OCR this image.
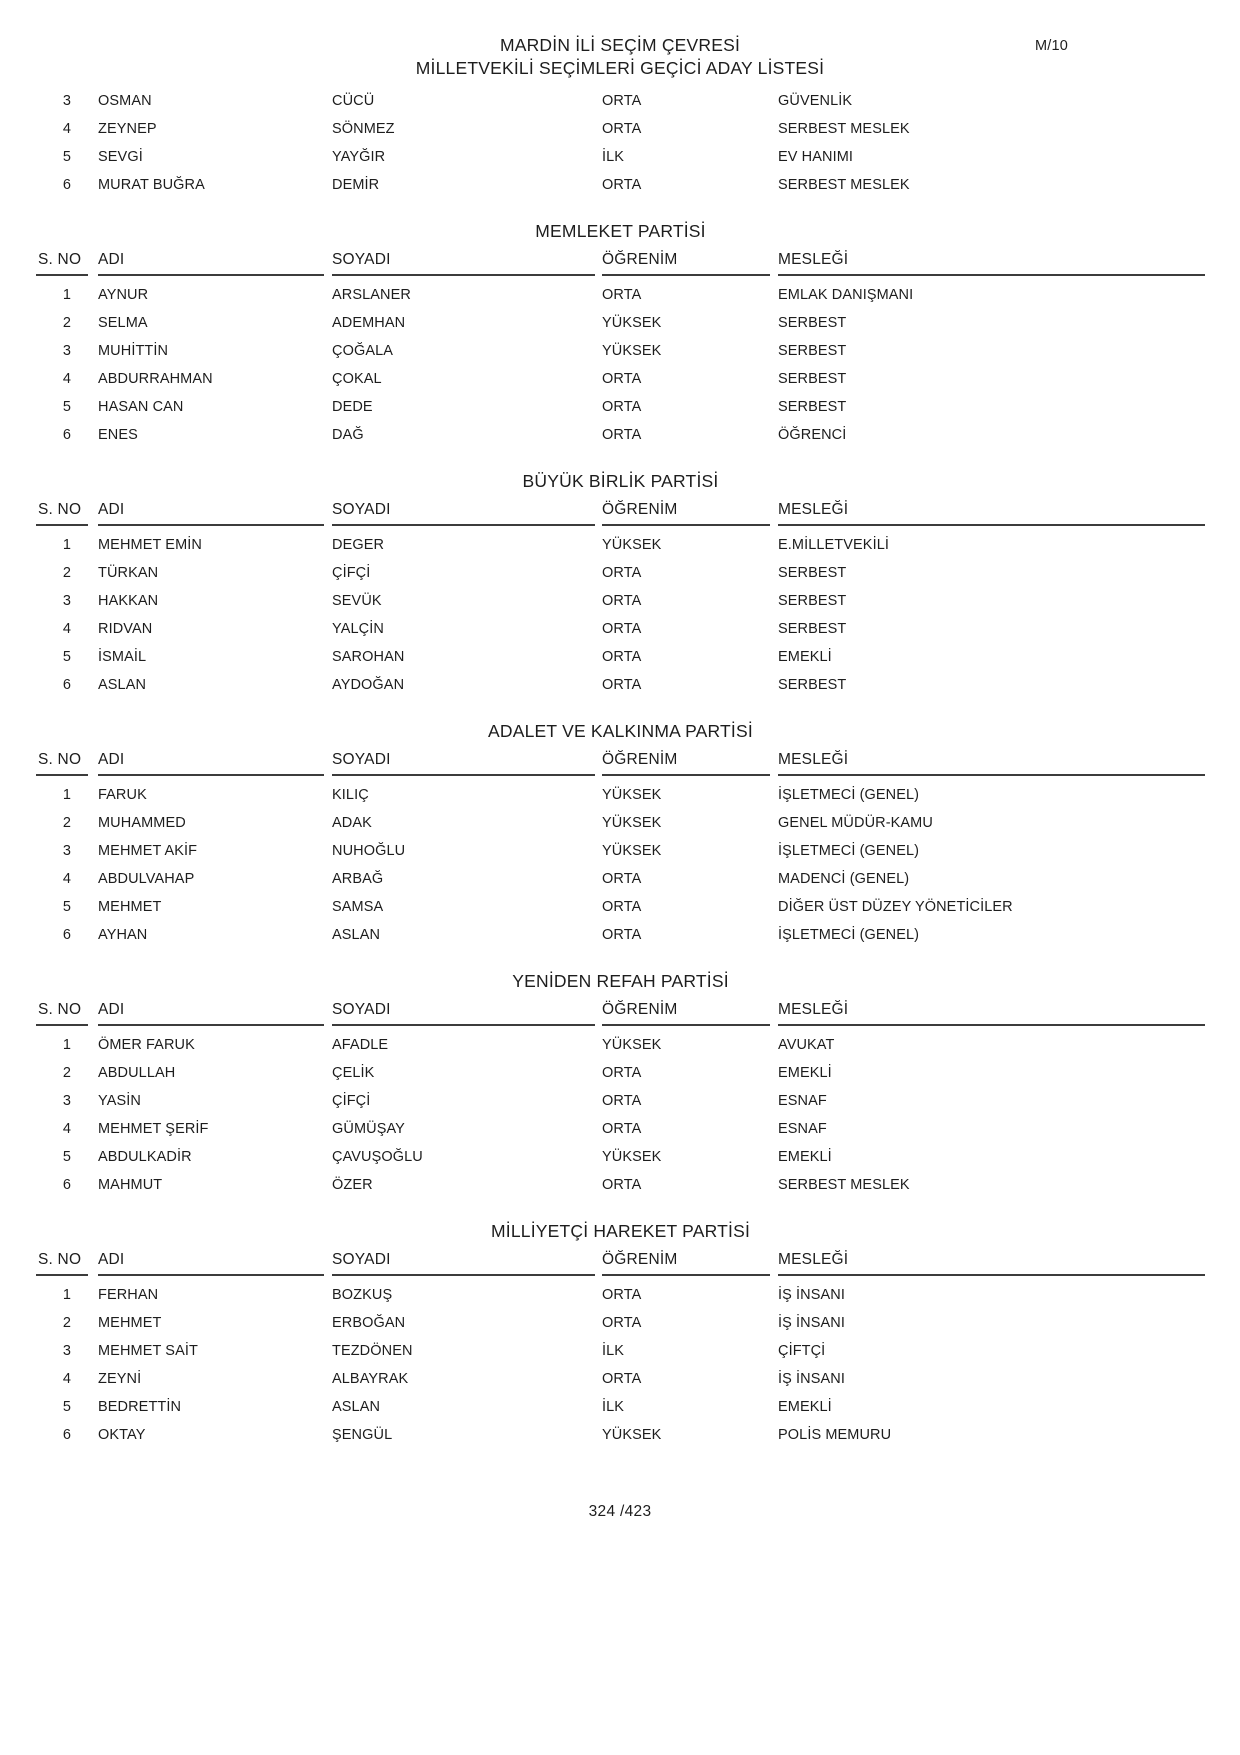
M/10
MARDİN İLİ SEÇİM ÇEVRESİ
MİLLETVEKİLİ SEÇİMLERİ GEÇİCİ ADAY LİSTESİ
3	OSMAN	CÜCÜ	ORTA	GÜVENLİK
4	ZEYNEP	SÖNMEZ	ORTA	SERBEST MESLEK
5	SEVGİ	YAYĞIR	İLK	EV HANIMI
6	MURAT BUĞRA	DEMİR	ORTA	SERBEST MESLEK
MEMLEKET PARTİSİ
S. NO	ADI	SOYADI	ÖĞRENİM	MESLEĞİ
1	AYNUR	ARSLANER	ORTA	EMLAK DANIŞMANI
2	SELMA	ADEMHAN	YÜKSEK	SERBEST
3	MUHİTTİN	ÇOĞALA	YÜKSEK	SERBEST
4	ABDURRAHMAN	ÇOKAL	ORTA	SERBEST
5	HASAN CAN	DEDE	ORTA	SERBEST
6	ENES	DAĞ	ORTA	ÖĞRENCİ
BÜYÜK BİRLİK PARTİSİ
S. NO	ADI	SOYADI	ÖĞRENİM	MESLEĞİ
1	MEHMET EMİN	DEGER	YÜKSEK	E.MİLLETVEKİLİ
2	TÜRKAN	ÇİFÇİ	ORTA	SERBEST
3	HAKKAN	SEVÜK	ORTA	SERBEST
4	RIDVAN	YALÇİN	ORTA	SERBEST
5	İSMAİL	SAROHAN	ORTA	EMEKLİ
6	ASLAN	AYDOĞAN	ORTA	SERBEST
ADALET VE KALKINMA PARTİSİ
S. NO	ADI	SOYADI	ÖĞRENİM	MESLEĞİ
1	FARUK	KILIÇ	YÜKSEK	İŞLETMECİ (GENEL)
2	MUHAMMED	ADAK	YÜKSEK	GENEL MÜDÜR-KAMU
3	MEHMET AKİF	NUHOĞLU	YÜKSEK	İŞLETMECİ (GENEL)
4	ABDULVAHAP	ARBAĞ	ORTA	MADENCİ (GENEL)
5	MEHMET	SAMSA	ORTA	DİĞER ÜST DÜZEY YÖNETİCİLER
6	AYHAN	ASLAN	ORTA	İŞLETMECİ (GENEL)
YENİDEN REFAH PARTİSİ
S. NO	ADI	SOYADI	ÖĞRENİM	MESLEĞİ
1	ÖMER FARUK	AFADLE	YÜKSEK	AVUKAT
2	ABDULLAH	ÇELİK	ORTA	EMEKLİ
3	YASİN	ÇİFÇİ	ORTA	ESNAF
4	MEHMET ŞERİF	GÜMÜŞAY	ORTA	ESNAF
5	ABDULKADİR	ÇAVUŞOĞLU	YÜKSEK	EMEKLİ
6	MAHMUT	ÖZER	ORTA	SERBEST MESLEK
MİLLİYETÇİ HAREKET PARTİSİ
S. NO	ADI	SOYADI	ÖĞRENİM	MESLEĞİ
1	FERHAN	BOZKUŞ	ORTA	İŞ İNSANI
2	MEHMET	ERBOĞAN	ORTA	İŞ İNSANI
3	MEHMET SAİT	TEZDÖNEN	İLK	ÇİFTÇİ
4	ZEYNİ	ALBAYRAK	ORTA	İŞ İNSANI
5	BEDRETTİN	ASLAN	İLK	EMEKLİ
6	OKTAY	ŞENGÜL	YÜKSEK	POLİS MEMURU
324 /423
